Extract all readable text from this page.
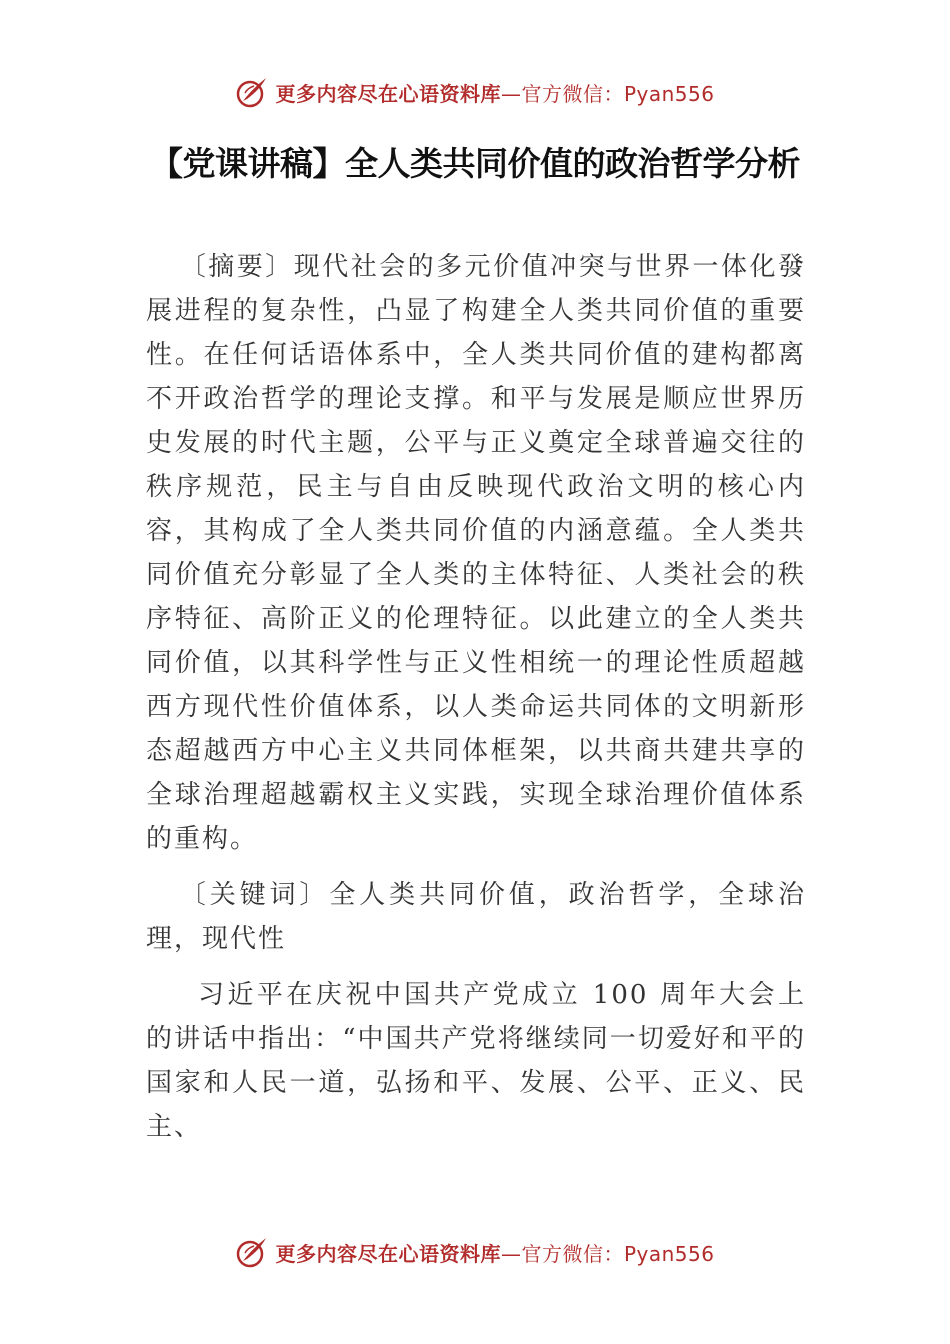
更多内容尽在心语资料库 —官方微信：Pyan556
【党课讲稿】全人类共同价值的政治哲学分析

〔摘要〕现代社会的多元价值冲突与世界一体化發展进程的复杂性，凸显了构建全人类共同价值的重要性。在任何话语体系中，全人类共同价值的建构都离不开政治哲学的理论支撑。和平与发展是顺应世界历史发展的时代主题，公平与正义奠定全球普遍交往的秩序规范，民主与自由反映现代政治文明的核心内容，其构成了全人类共同价值的内涵意蕴。全人类共同价值充分彰显了全人类的主体特征、人类社会的秩序特征、高阶正义的伦理特征。以此建立的全人类共同价值，以其科学性与正义性相统一的理论性质超越西方现代性价值体系，以人类命运共同体的文明新形态超越西方中心主义共同体框架，以共商共建共享的全球治理超越霸权主义实践，实现全球治理价值体系的重构。

〔关键词〕全人类共同价值，政治哲学，全球治理，现代性

习近平在庆祝中国共产党成立 100 周年大会上的讲话中指出：“中国共产党将继续同一切爱好和平的国家和人民一道，弘扬和平、发展、公平、正义、民主、

更多内容尽在心语资料库 —官方微信：Pyan556
